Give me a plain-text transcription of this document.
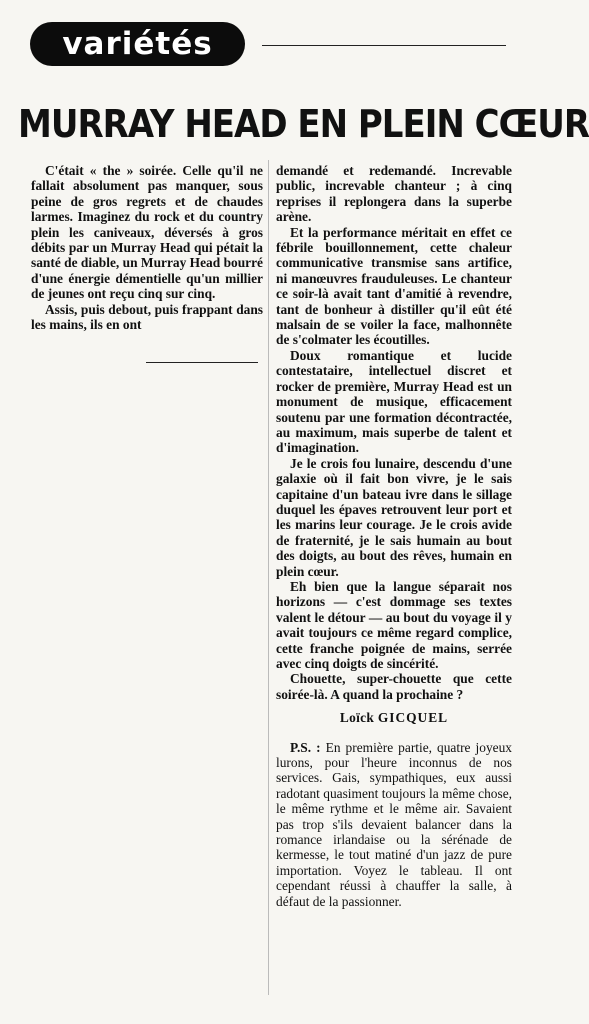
variétés
MURRAY HEAD EN PLEIN CŒUR

C'était « the » soirée. Celle qu'il ne fallait absolument pas manquer, sous peine de gros regrets et de chaudes larmes. Imaginez du rock et du country plein les caniveaux, déversés à gros débits par un Murray Head qui pétait la santé de diable, un Murray Head bourré d'une énergie démentielle qu'un millier de jeunes ont reçu cinq sur cinq.

Assis, puis debout, puis frappant dans les mains, ils en ont

demandé et redemandé. Increvable public, increvable chanteur ; à cinq reprises il replongera dans la superbe arène.

Et la performance méritait en effet ce fébrile bouillonnement, cette chaleur communicative transmise sans artifice, ni manœuvres frauduleuses. Le chanteur ce soir-là avait tant d'amitié à revendre, tant de bonheur à distiller qu'il eût été malsain de se voiler la face, malhonnête de s'colmater les écoutilles.

Doux romantique et lucide contestataire, intellectuel discret et rocker de première, Murray Head est un monument de musique, efficacement soutenu par une formation décontractée, au maximum, mais superbe de talent et d'imagination.

Je le crois fou lunaire, descendu d'une galaxie où il fait bon vivre, je le sais capitaine d'un bateau ivre dans le sillage duquel les épaves retrouvent leur port et les marins leur courage. Je le crois avide de fraternité, je le sais humain au bout des doigts, au bout des rêves, humain en plein cœur.

Eh bien que la langue séparait nos horizons — c'est dommage ses textes valent le détour — au bout du voyage il y avait toujours ce même regard complice, cette franche poignée de mains, serrée avec cinq doigts de sincérité.

Chouette, super-chouette que cette soirée-là. A quand la prochaine ?

Loïck GICQUEL

P.S. : En première partie, quatre joyeux lurons, pour l'heure inconnus de nos services. Gais, sympathiques, eux aussi radotant quasiment toujours la même chose, le même rythme et le même air. Savaient pas trop s'ils devaient balancer dans la romance irlandaise ou la sérénade de kermesse, le tout matiné d'un jazz de pure importation. Voyez le tableau. Il ont cependant réussi à chauffer la salle, à défaut de la passionner.
